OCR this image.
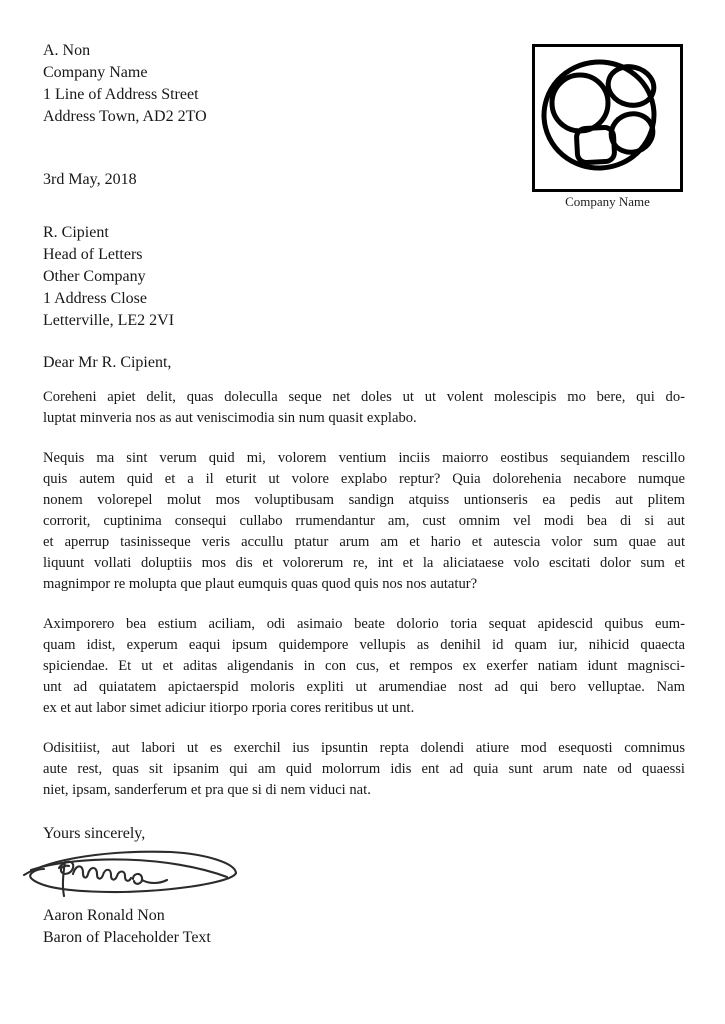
Company Name
A. Non
Company Name
1 Line of Address Street
Address Town, AD2 2TO
3rd May, 2018
R. Cipient
Head of Letters
Other Company
1 Address Close
Letterville, LE2 2VI
Dear Mr R. Cipient,
Coreheni apiet delit, quas doleculla seque net doles ut ut volent molescipis mo bere, qui do-
luptat minveria nos as aut veniscimodia sin num quasit explabo.
Nequis ma sint verum quid mi, volorem ventium inciis maiorro eostibus sequiandem rescillo
quis autem quid et a il eturit ut volore explabo reptur? Quia dolorehenia necabore numque
nonem volorepel molut mos voluptibusam sandign atquiss untionseris ea pedis aut plitem
corrorit, cuptinima consequi cullabo rrumendantur am, cust omnim vel modi bea di si aut
et aperrup tasinisseque veris accullu ptatur arum am et hario et autescia volor sum quae aut
liquunt vollati doluptiis mos dis et volorerum re, int et la aliciataese volo escitati dolor sum et
magnimpor re molupta que plaut eumquis quas quod quis nos nos autatur?
Aximporero bea estium aciliam, odi asimaio beate dolorio toria sequat apidescid quibus eum-
quam idist, experum eaqui ipsum quidempore vellupis as denihil id quam iur, nihicid quaecta
spiciendae. Et ut et aditas aligendanis in con cus, et rempos ex exerfer natiam idunt magnisci-
unt ad quiatatem apictaerspid moloris expliti ut arumendiae nost ad qui bero velluptae. Nam
ex et aut labor simet adiciur itiorpo rporia cores reritibus ut unt.
Odisitiist, aut labori ut es exerchil ius ipsuntin repta dolendi atiure mod esequosti comnimus
aute rest, quas sit ipsanim qui am quid molorrum idis ent ad quia sunt arum nate od quaessi
niet, ipsam, sanderferum et pra que si di nem viduci nat.
Yours sincerely,
Aaron Ronald Non
Baron of Placeholder Text
